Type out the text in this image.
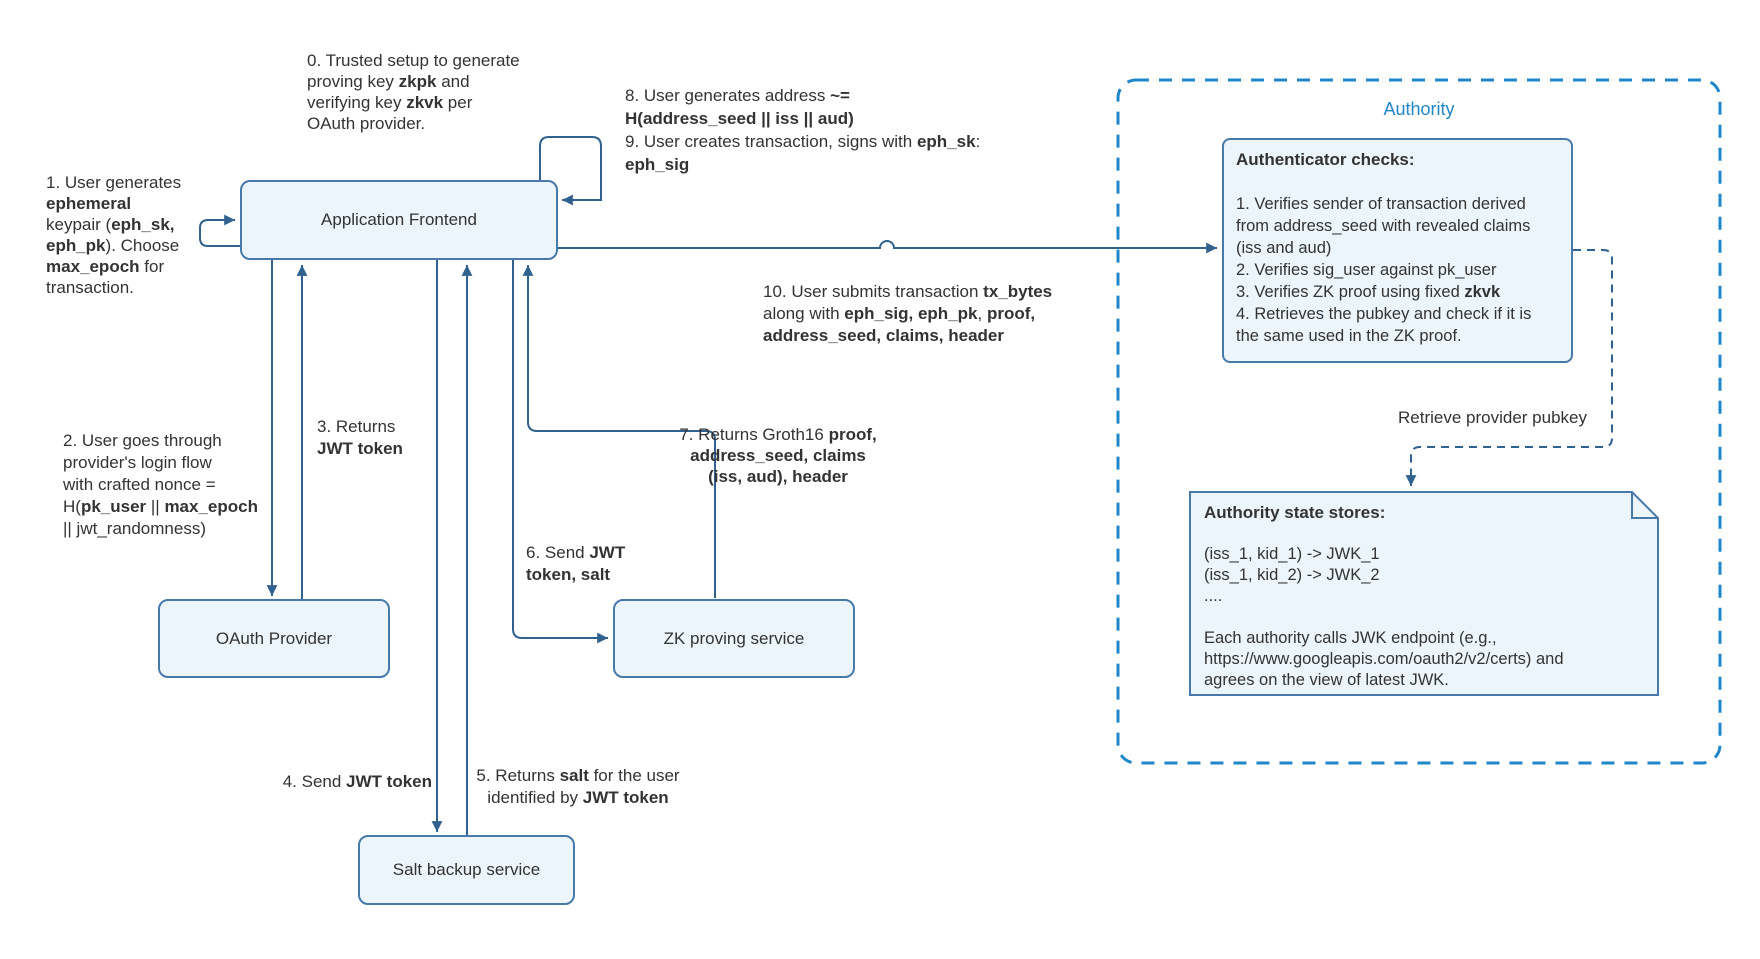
Application Frontend
OAuth Provider	ZK proving service
Salt backup service
Authority
Retrieve provider pubkey
Authenticator checks:
1. Verifies sender of transaction derived
from address_seed with revealed claims
(iss and aud)
2. Verifies sig_user against pk_user
3. Verifies ZK proof using fixed zkvk
4. Retrieves the pubkey and check if it is
the same used in the ZK proof.
Authority state stores:
(iss_1, kid_1) -> JWK_1
(iss_1, kid_2) -> JWK_2
....

Each authority calls JWK endpoint (e.g.,
https://www.googleapis.com/oauth2/v2/certs) and
agrees on the view of latest JWK.
0. Trusted setup to generate
proving key zkpk and
verifying key zkvk per
OAuth provider.
1. User generates
ephemeral
keypair (eph_sk,
eph_pk). Choose
max_epoch for
transaction.
2. User goes through
provider's login flow
with crafted nonce =
H(pk_user || max_epoch
|| jwt_randomness)
3. Returns
JWT token
4. Send JWT token	5. Returns salt for the user
identified by JWT token
6. Send JWT
token, salt
7. Returns Groth16 proof,
address_seed, claims
(iss, aud), header
8. User generates address ~=
H(address_seed || iss || aud)
9. User creates transaction, signs with eph_sk:
eph_sig
10. User submits transaction tx_bytes
along with eph_sig, eph_pk, proof,
address_seed, claims, header
